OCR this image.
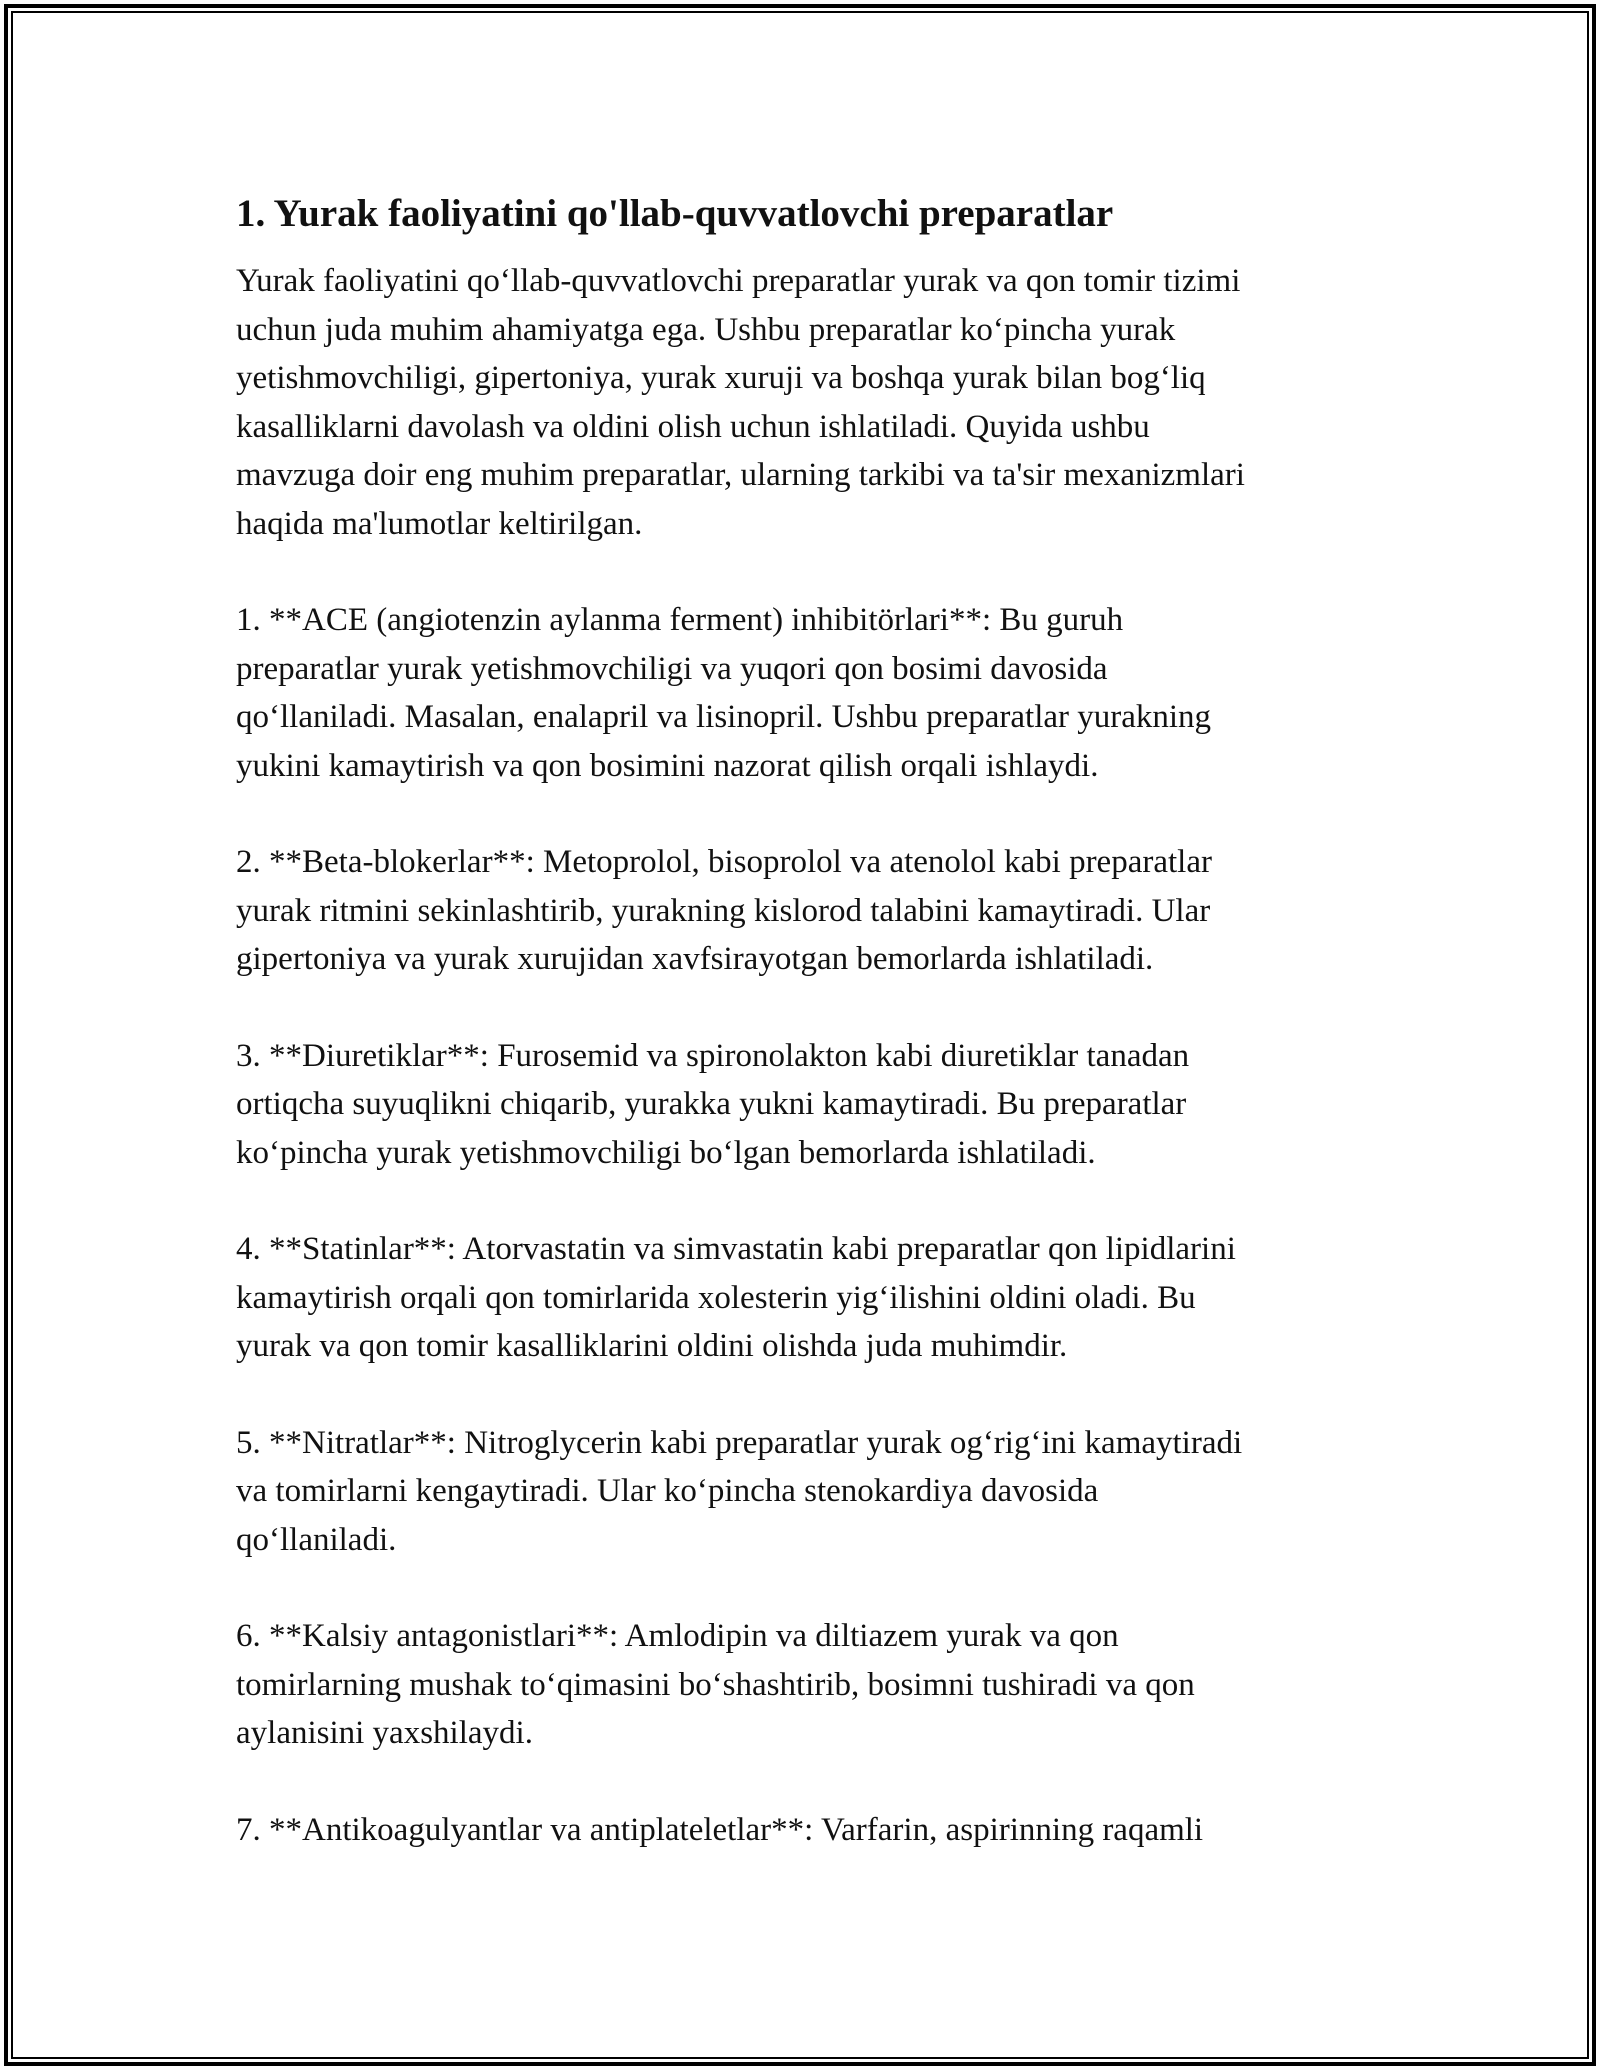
1. Yurak faoliyatini qo'llab-quvvatlovchi preparatlar

Yurak faoliyatini qo‘llab-quvvatlovchi preparatlar yurak va qon tomir tizimi
uchun juda muhim ahamiyatga ega. Ushbu preparatlar ko‘pincha yurak
yetishmovchiligi, gipertoniya, yurak xuruji va boshqa yurak bilan bog‘liq
kasalliklarni davolash va oldini olish uchun ishlatiladi. Quyida ushbu
mavzuga doir eng muhim preparatlar, ularning tarkibi va ta'sir mexanizmlari
haqida ma'lumotlar keltirilgan.

1. **ACE (angiotenzin aylanma ferment) inhibitörlari**: Bu guruh
preparatlar yurak yetishmovchiligi va yuqori qon bosimi davosida
qo‘llaniladi. Masalan, enalapril va lisinopril. Ushbu preparatlar yurakning
yukini kamaytirish va qon bosimini nazorat qilish orqali ishlaydi.

2. **Beta-blokerlar**: Metoprolol, bisoprolol va atenolol kabi preparatlar
yurak ritmini sekinlashtirib, yurakning kislorod talabini kamaytiradi. Ular
gipertoniya va yurak xurujidan xavfsirayotgan bemorlarda ishlatiladi.

3. **Diuretiklar**: Furosemid va spironolakton kabi diuretiklar tanadan
ortiqcha suyuqlikni chiqarib, yurakka yukni kamaytiradi. Bu preparatlar
ko‘pincha yurak yetishmovchiligi bo‘lgan bemorlarda ishlatiladi.

4. **Statinlar**: Atorvastatin va simvastatin kabi preparatlar qon lipidlarini
kamaytirish orqali qon tomirlarida xolesterin yig‘ilishini oldini oladi. Bu
yurak va qon tomir kasalliklarini oldini olishda juda muhimdir.

5. **Nitratlar**: Nitroglycerin kabi preparatlar yurak og‘rig‘ini kamaytiradi
va tomirlarni kengaytiradi. Ular ko‘pincha stenokardiya davosida
qo‘llaniladi.

6. **Kalsiy antagonistlari**: Amlodipin va diltiazem yurak va qon
tomirlarning mushak to‘qimasini bo‘shashtirib, bosimni tushiradi va qon
aylanisini yaxshilaydi.

7. **Antikoagulyantlar va antiplateletlar**: Varfarin, aspirinning raqamli
